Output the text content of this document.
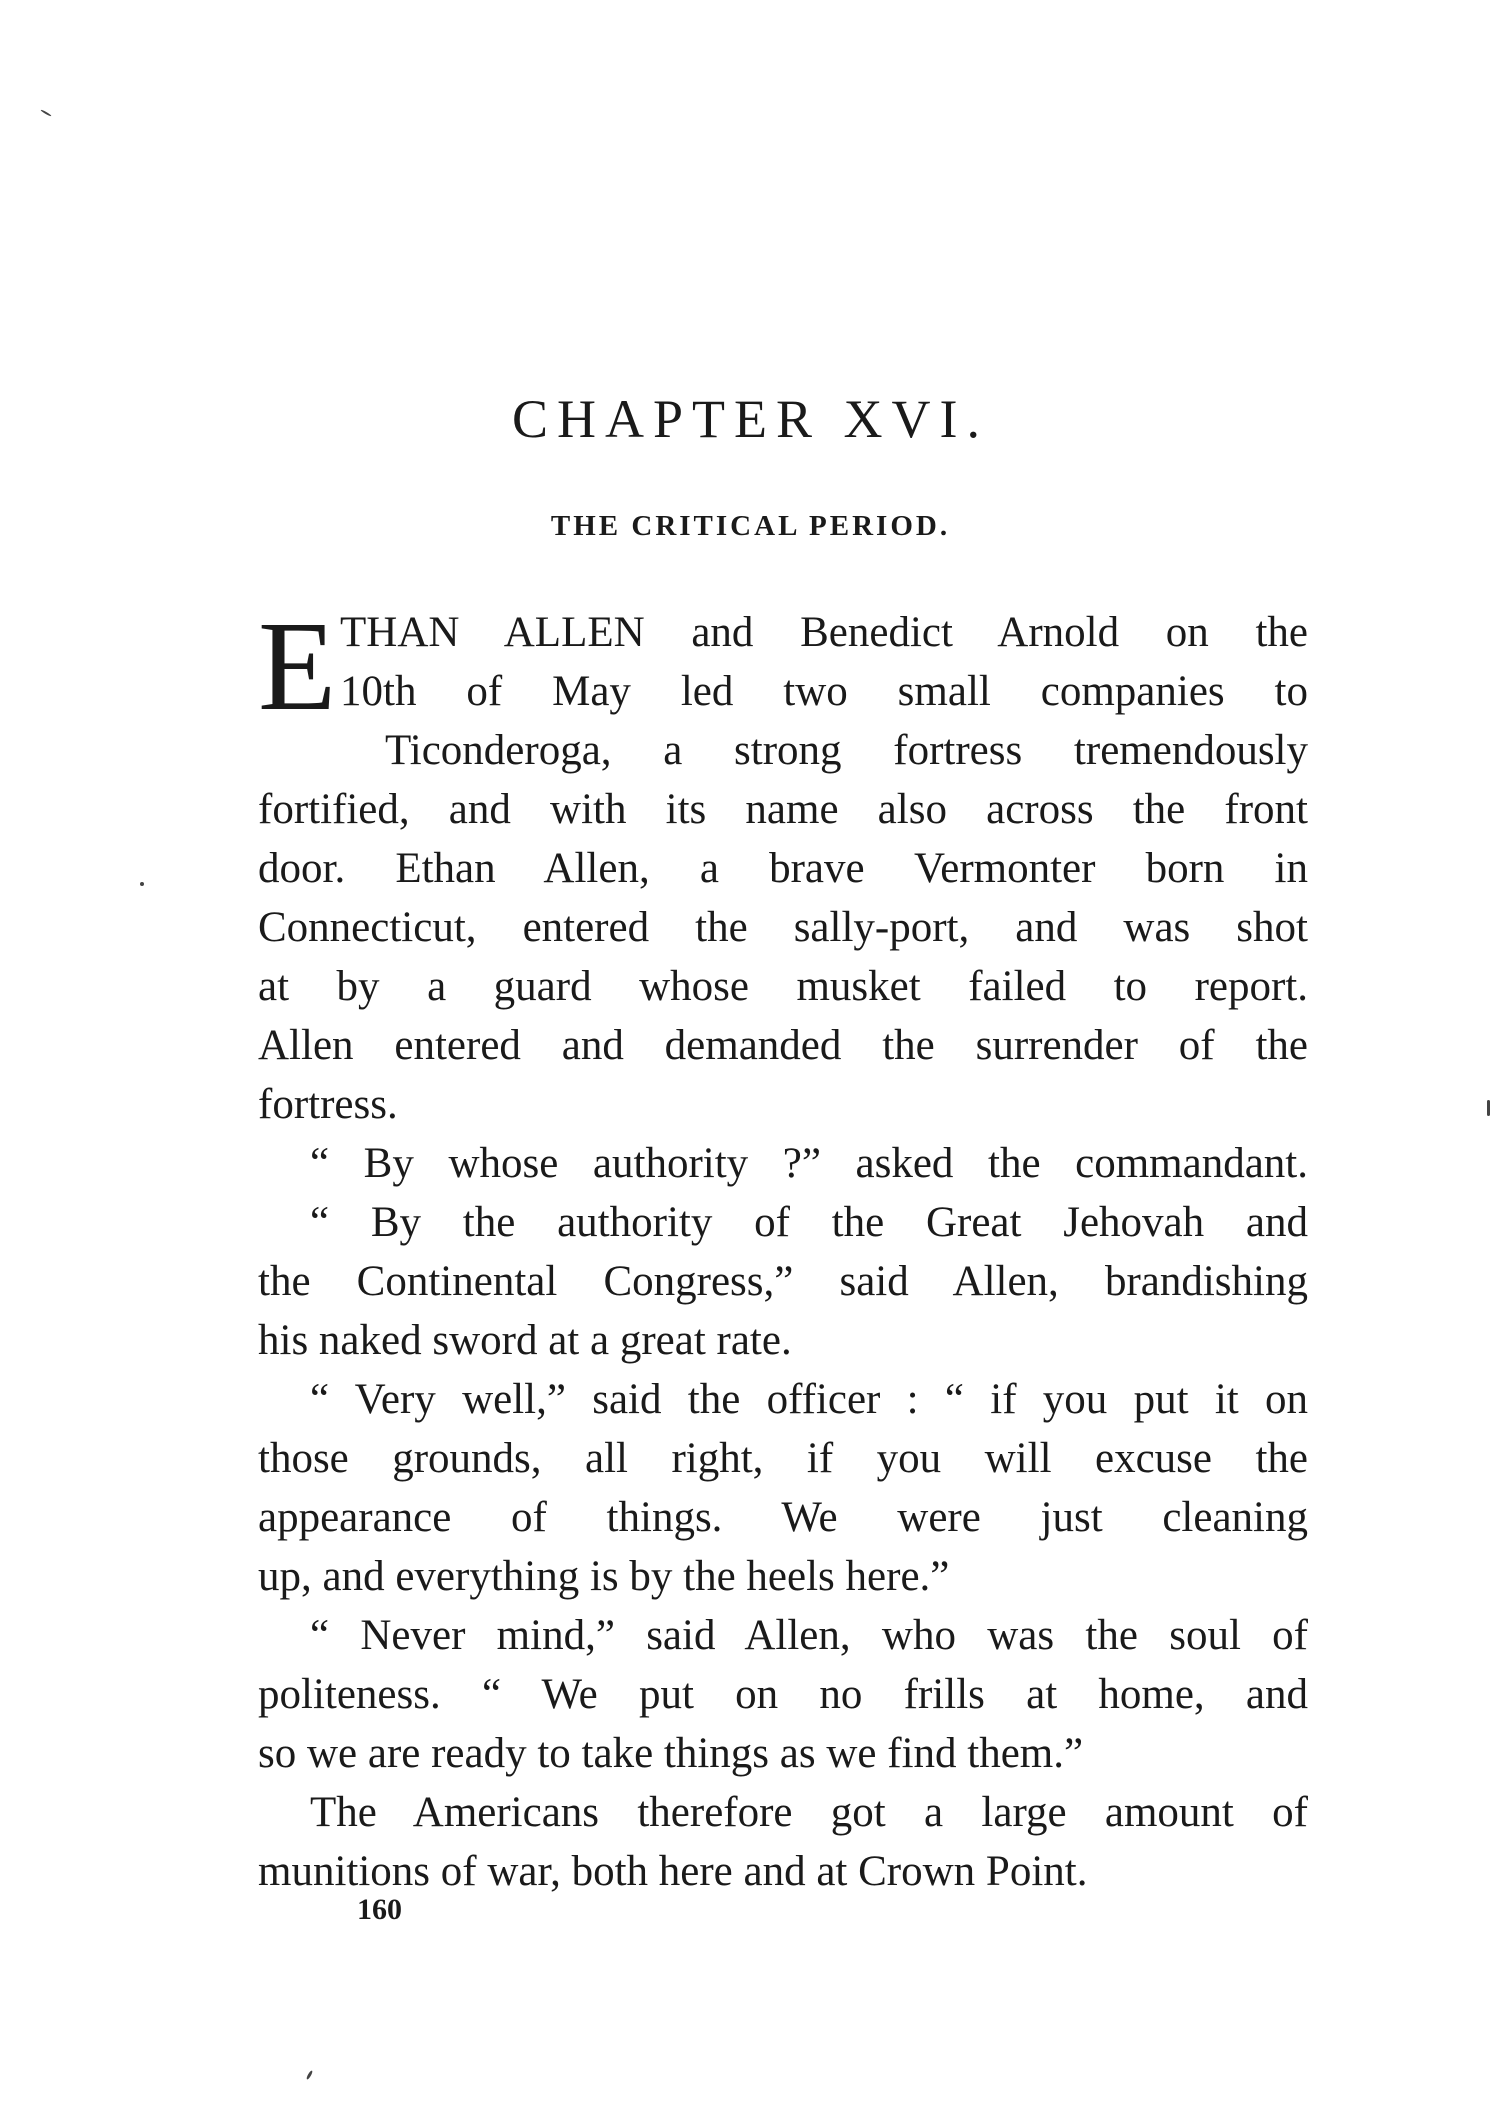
CHAPTER XVI.
THE CRITICAL PERIOD.
E THAN ALLEN and Benedict Arnold on the
10th of May led two small companies to
Ticonderoga, a strong fortress tremendously
fortified, and with its name also across the front
door. Ethan Allen, a brave Vermonter born in
Connecticut, entered the sally-port, and was shot
at by a guard whose musket failed to report.
Allen entered and demanded the surrender of the
fortress.
“ By whose authority ?” asked the commandant.
“ By the authority of the Great Jehovah and
the Continental Congress,” said Allen, brandishing
his naked sword at a great rate.
“ Very well,” said the officer : “ if you put it on
those grounds, all right, if you will excuse the
appearance of things. We were just cleaning
up, and everything is by the heels here.”
“ Never mind,” said Allen, who was the soul of
politeness. “ We put on no frills at home, and
so we are ready to take things as we find them.”
The Americans therefore got a large amount of
munitions of war, both here and at Crown Point.
160
